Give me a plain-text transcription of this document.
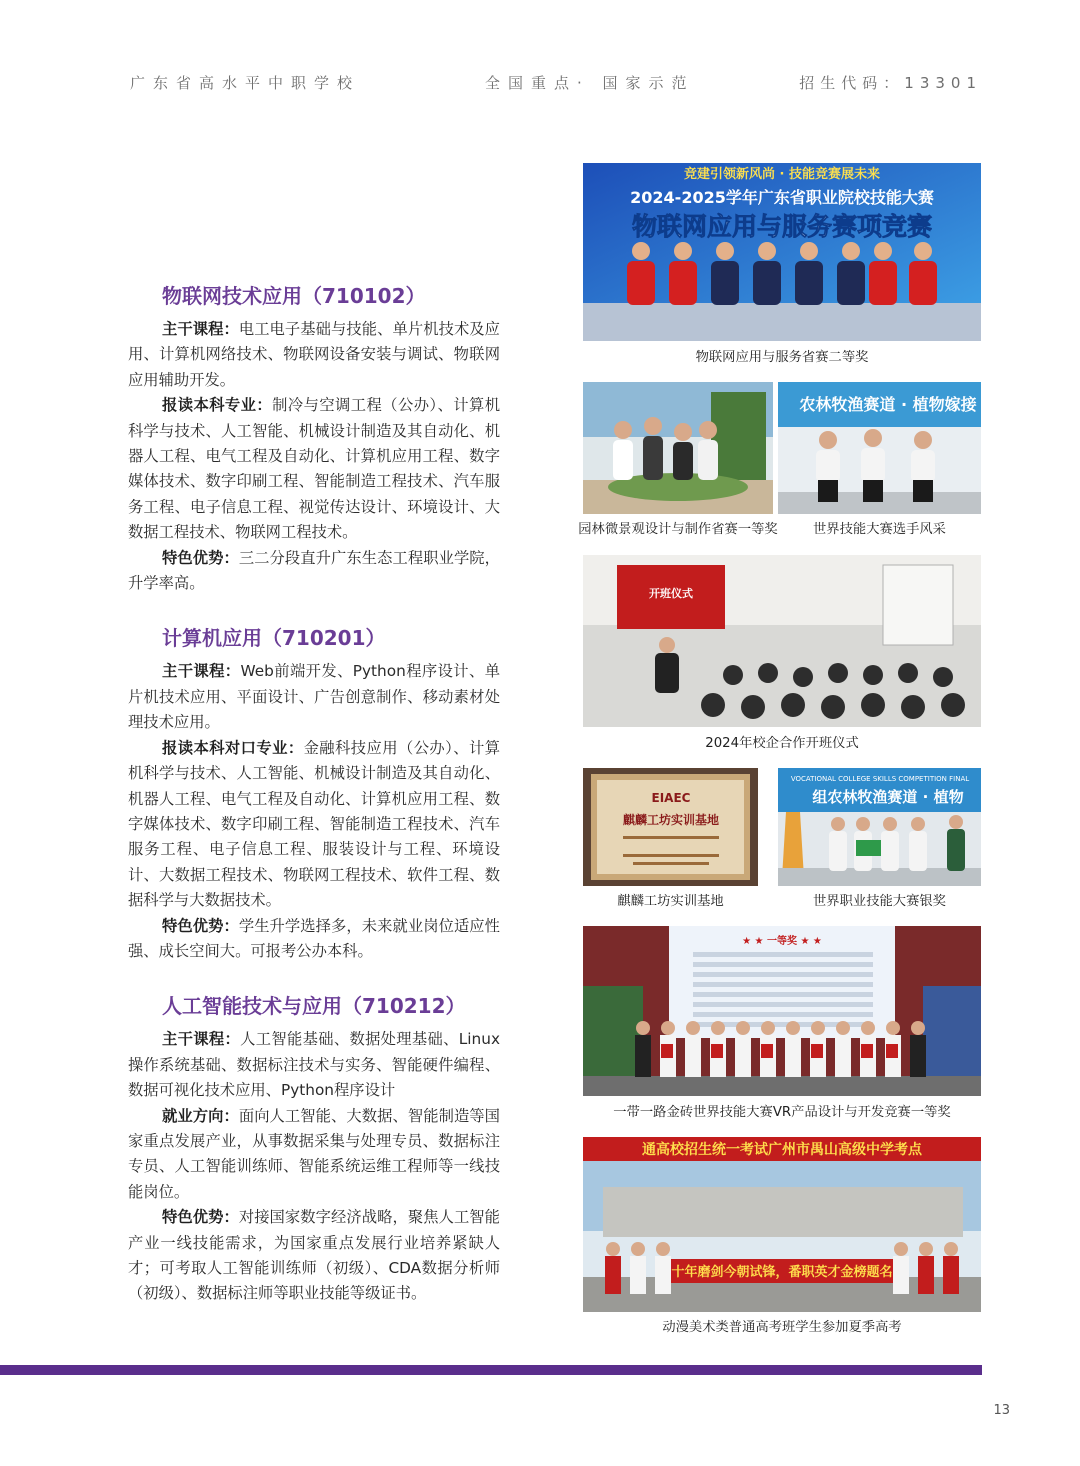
广东省高水平中职学校	全国重点· 国家示范	招生代码：13301
物联网技术应用（710102）

主干课程：电工电子基础与技能、单片机技术及应用、计算机网络技术、物联网设备安装与调试、物联网应用辅助开发。

报读本科专业：制冷与空调工程（公办）、计算机科学与技术、人工智能、机械设计制造及其自动化、机器人工程、电气工程及自动化、计算机应用工程、数字媒体技术、数字印刷工程、智能制造工程技术、汽车服务工程、电子信息工程、视觉传达设计、环境设计、大数据工程技术、物联网工程技术。

特色优势：三二分段直升广东生态工程职业学院，升学率高。

计算机应用（710201）

主干课程：Web前端开发、Python程序设计、单片机技术应用、平面设计、广告创意制作、移动素材处理技术应用。

报读本科对口专业：金融科技应用（公办）、计算机科学与技术、人工智能、机械设计制造及其自动化、机器人工程、电气工程及自动化、计算机应用工程、数字媒体技术、数字印刷工程、智能制造工程技术、汽车服务工程、电子信息工程、服装设计与工程、环境设计、大数据工程技术、物联网工程技术、软件工程、数据科学与大数据技术。

特色优势：学生升学选择多，未来就业岗位适应性强、成长空间大。可报考公办本科。

人工智能技术与应用（710212）

主干课程：人工智能基础、数据处理基础、Linux操作系统基础、数据标注技术与实务、智能硬件编程、数据可视化技术应用、Python程序设计

就业方向：面向人工智能、大数据、智能制造等国家重点发展产业，从事数据采集与处理专员、数据标注专员、人工智能训练师、智能系统运维工程师等一线技能岗位。

特色优势：对接国家数字经济战略，聚焦人工智能产业一线技能需求，为国家重点发展行业培养紧缺人才；可考取人工智能训练师（初级）、CDA数据分析师（初级）、数据标注师等职业技能等级证书。

竞建引领新风尚 · 技能竞赛展未来
2024-2025学年广东省职业院校技能大赛
物联网应用与服务赛项竞赛
物联网应用与服务省赛二等奖
园林微景观设计与制作省赛一等奖
农林牧渔赛道 · 植物嫁接
世界技能大赛选手风采
开班仪式
2024年校企合作开班仪式
EIAEC
麒麟工坊实训基地
麒麟工坊实训基地
VOCATIONAL COLLEGE SKILLS COMPETITION FINAL
组农林牧渔赛道 · 植物
世界职业技能大赛银奖
★ ★ 一等奖 ★ ★
一带一路金砖世界技能大赛VR产品设计与开发竞赛一等奖
通高校招生统一考试广州市禺山高级中学考点
十年磨剑今朝试锋，番职英才金榜题名
动漫美术类普通高考班学生参加夏季高考
13
